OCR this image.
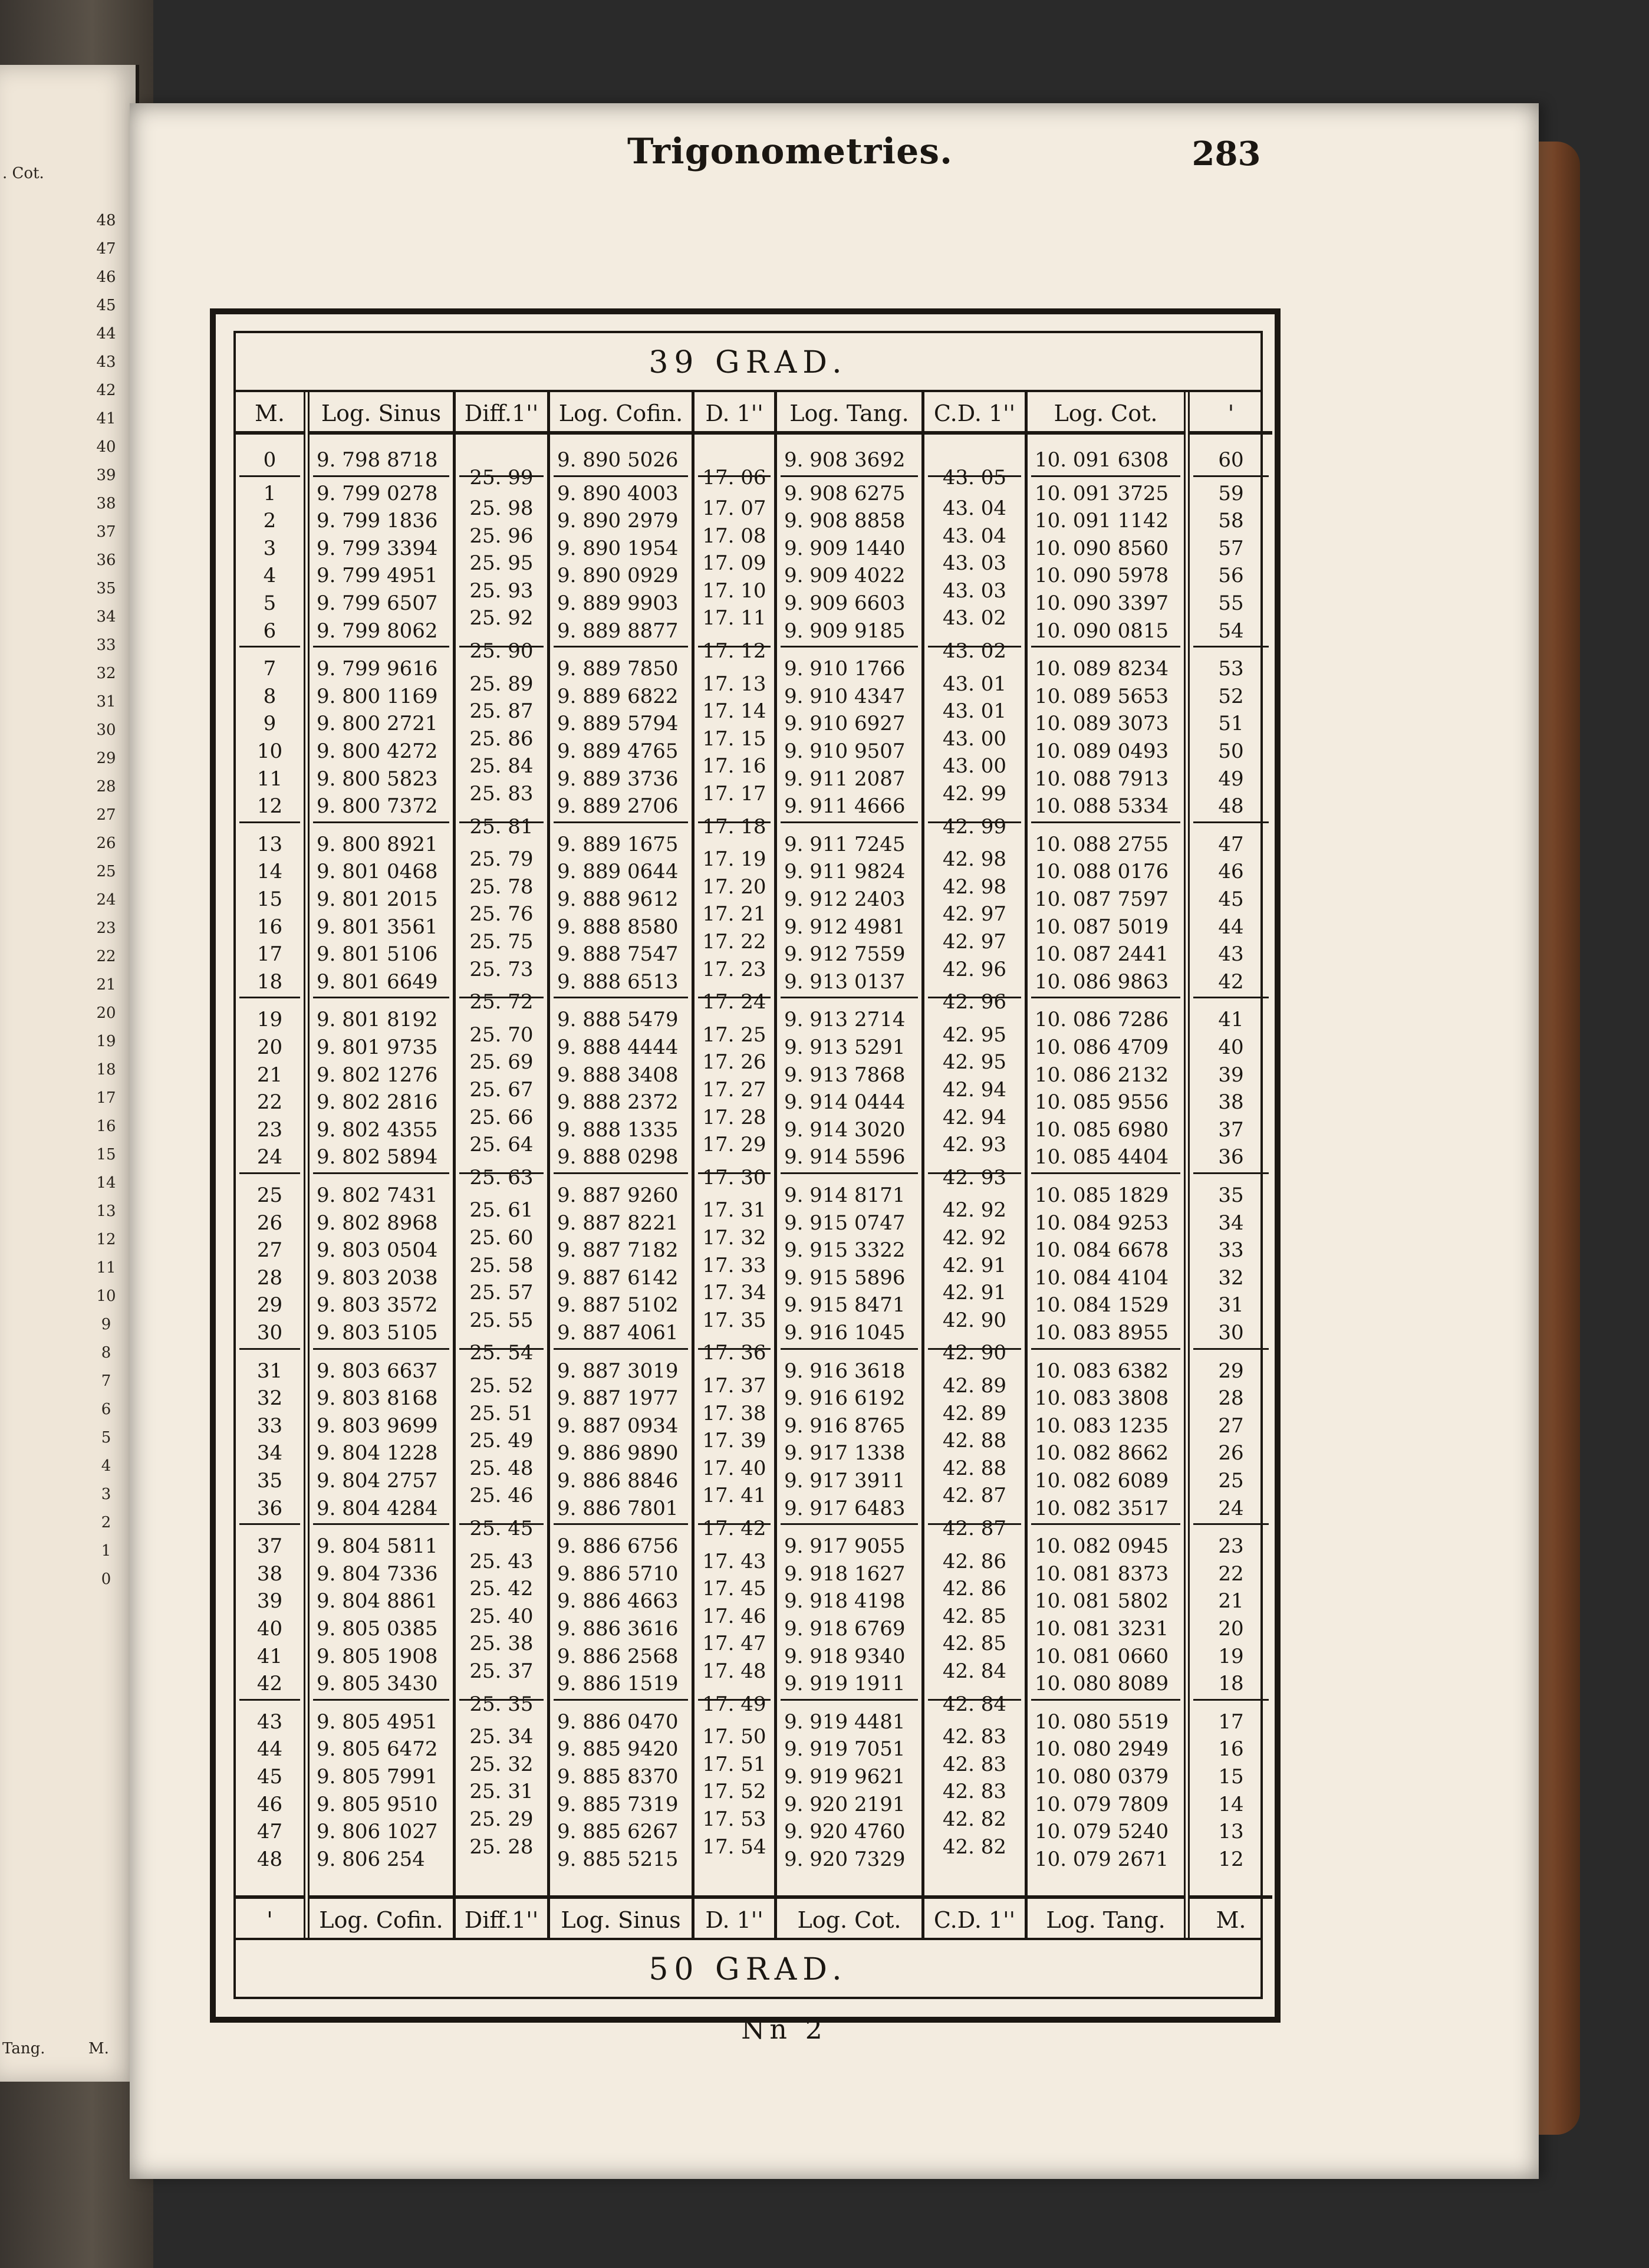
. Cot.
48
47
46
45
44
43
42
41
40
39
38
37
36
35
34
33
32
31
30
29
28
27
26
25
24
23
22
21
20
19
18
17
16
15
14
13
12
11
10
9
8
7
6
5
4
3
2
1
0
Tang.	M.
Trigonometries.	283
39 GRAD.
50 GRAD.
M.
0
1
2
3
4
5
6
7
8
9
10
11
12
13
14
15
16
17
18
19
20
21
22
23
24
25
26
27
28
29
30
31
32
33
34
35
36
37
38
39
40
41
42
43
44
45
46
47
48
'
Log. Sinus
9. 798 8718
9. 799 0278
9. 799 1836
9. 799 3394
9. 799 4951
9. 799 6507
9. 799 8062
9. 799 9616
9. 800 1169
9. 800 2721
9. 800 4272
9. 800 5823
9. 800 7372
9. 800 8921
9. 801 0468
9. 801 2015
9. 801 3561
9. 801 5106
9. 801 6649
9. 801 8192
9. 801 9735
9. 802 1276
9. 802 2816
9. 802 4355
9. 802 5894
9. 802 7431
9. 802 8968
9. 803 0504
9. 803 2038
9. 803 3572
9. 803 5105
9. 803 6637
9. 803 8168
9. 803 9699
9. 804 1228
9. 804 2757
9. 804 4284
9. 804 5811
9. 804 7336
9. 804 8861
9. 805 0385
9. 805 1908
9. 805 3430
9. 805 4951
9. 805 6472
9. 805 7991
9. 805 9510
9. 806 1027
9. 806 254
Log. Cofin.
Diff.1''
25. 99
25. 98
25. 96
25. 95
25. 93
25. 92
25. 90
25. 89
25. 87
25. 86
25. 84
25. 83
25. 81
25. 79
25. 78
25. 76
25. 75
25. 73
25. 72
25. 70
25. 69
25. 67
25. 66
25. 64
25. 63
25. 61
25. 60
25. 58
25. 57
25. 55
25. 54
25. 52
25. 51
25. 49
25. 48
25. 46
25. 45
25. 43
25. 42
25. 40
25. 38
25. 37
25. 35
25. 34
25. 32
25. 31
25. 29
25. 28
Diff.1''
Log. Cofin.
9. 890 5026
9. 890 4003
9. 890 2979
9. 890 1954
9. 890 0929
9. 889 9903
9. 889 8877
9. 889 7850
9. 889 6822
9. 889 5794
9. 889 4765
9. 889 3736
9. 889 2706
9. 889 1675
9. 889 0644
9. 888 9612
9. 888 8580
9. 888 7547
9. 888 6513
9. 888 5479
9. 888 4444
9. 888 3408
9. 888 2372
9. 888 1335
9. 888 0298
9. 887 9260
9. 887 8221
9. 887 7182
9. 887 6142
9. 887 5102
9. 887 4061
9. 887 3019
9. 887 1977
9. 887 0934
9. 886 9890
9. 886 8846
9. 886 7801
9. 886 6756
9. 886 5710
9. 886 4663
9. 886 3616
9. 886 2568
9. 886 1519
9. 886 0470
9. 885 9420
9. 885 8370
9. 885 7319
9. 885 6267
9. 885 5215
Log. Sinus
D. 1''
17. 06
17. 07
17. 08
17. 09
17. 10
17. 11
17. 12
17. 13
17. 14
17. 15
17. 16
17. 17
17. 18
17. 19
17. 20
17. 21
17. 22
17. 23
17. 24
17. 25
17. 26
17. 27
17. 28
17. 29
17. 30
17. 31
17. 32
17. 33
17. 34
17. 35
17. 36
17. 37
17. 38
17. 39
17. 40
17. 41
17. 42
17. 43
17. 45
17. 46
17. 47
17. 48
17. 49
17. 50
17. 51
17. 52
17. 53
17. 54
D. 1''
Log. Tang.
9. 908 3692
9. 908 6275
9. 908 8858
9. 909 1440
9. 909 4022
9. 909 6603
9. 909 9185
9. 910 1766
9. 910 4347
9. 910 6927
9. 910 9507
9. 911 2087
9. 911 4666
9. 911 7245
9. 911 9824
9. 912 2403
9. 912 4981
9. 912 7559
9. 913 0137
9. 913 2714
9. 913 5291
9. 913 7868
9. 914 0444
9. 914 3020
9. 914 5596
9. 914 8171
9. 915 0747
9. 915 3322
9. 915 5896
9. 915 8471
9. 916 1045
9. 916 3618
9. 916 6192
9. 916 8765
9. 917 1338
9. 917 3911
9. 917 6483
9. 917 9055
9. 918 1627
9. 918 4198
9. 918 6769
9. 918 9340
9. 919 1911
9. 919 4481
9. 919 7051
9. 919 9621
9. 920 2191
9. 920 4760
9. 920 7329
Log. Cot.
C.D. 1''
43. 05
43. 04
43. 04
43. 03
43. 03
43. 02
43. 02
43. 01
43. 01
43. 00
43. 00
42. 99
42. 99
42. 98
42. 98
42. 97
42. 97
42. 96
42. 96
42. 95
42. 95
42. 94
42. 94
42. 93
42. 93
42. 92
42. 92
42. 91
42. 91
42. 90
42. 90
42. 89
42. 89
42. 88
42. 88
42. 87
42. 87
42. 86
42. 86
42. 85
42. 85
42. 84
42. 84
42. 83
42. 83
42. 83
42. 82
42. 82
C.D. 1''
Log. Cot.
10. 091 6308
10. 091 3725
10. 091 1142
10. 090 8560
10. 090 5978
10. 090 3397
10. 090 0815
10. 089 8234
10. 089 5653
10. 089 3073
10. 089 0493
10. 088 7913
10. 088 5334
10. 088 2755
10. 088 0176
10. 087 7597
10. 087 5019
10. 087 2441
10. 086 9863
10. 086 7286
10. 086 4709
10. 086 2132
10. 085 9556
10. 085 6980
10. 085 4404
10. 085 1829
10. 084 9253
10. 084 6678
10. 084 4104
10. 084 1529
10. 083 8955
10. 083 6382
10. 083 3808
10. 083 1235
10. 082 8662
10. 082 6089
10. 082 3517
10. 082 0945
10. 081 8373
10. 081 5802
10. 081 3231
10. 081 0660
10. 080 8089
10. 080 5519
10. 080 2949
10. 080 0379
10. 079 7809
10. 079 5240
10. 079 2671
Log. Tang.
'
60
59
58
57
56
55
54
53
52
51
50
49
48
47
46
45
44
43
42
41
40
39
38
37
36
35
34
33
32
31
30
29
28
27
26
25
24
23
22
21
20
19
18
17
16
15
14
13
12
M.
Nn 2
